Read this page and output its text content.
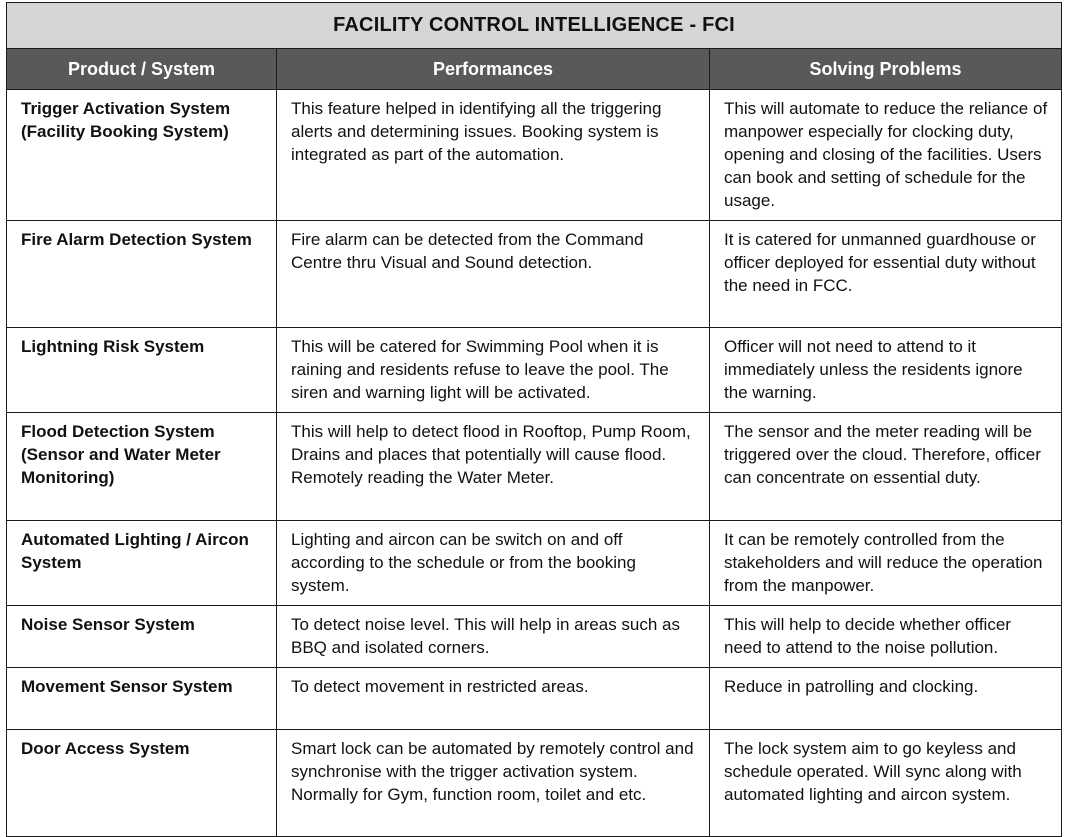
FACILITY CONTROL INTELLIGENCE - FCI		
Product / System	Performances	Solving Problems
Trigger Activation System (Facility Booking System)	This feature helped in identifying all the triggering alerts and determining issues. Booking system is integrated as part of the automation.	This will automate to reduce the reliance of manpower especially for clocking duty, opening and closing of the facilities. Users can book and setting of schedule for the usage.
Fire Alarm Detection System	Fire alarm can be detected from the Command Centre thru Visual and Sound detection.	It is catered for unmanned guardhouse or officer deployed for essential duty without the need in FCC.
Lightning Risk System	This will be catered for Swimming Pool when it is raining and residents refuse to leave the pool. The siren and warning light will be activated.	Officer will not need to attend to it immediately unless the residents ignore the warning.
Flood Detection System (Sensor and Water Meter Monitoring)	This will help to detect flood in Rooftop, Pump Room, Drains and places that potentially will cause flood. Remotely reading the Water Meter.	The sensor and the meter reading will be triggered over the cloud. Therefore, officer can concentrate on essential duty.
Automated Lighting / Aircon System	Lighting and aircon can be switch on and off according to the schedule or from the booking system.	It can be remotely controlled from the stakeholders and will reduce the operation from the manpower.
Noise Sensor System	To detect noise level. This will help in areas such as BBQ and isolated corners.	This will help to decide whether officer need to attend to the noise pollution.
Movement Sensor System	To detect movement in restricted areas.	Reduce in patrolling and clocking.
Door Access System	Smart lock can be automated by remotely control and synchronise with the trigger activation system. Normally for Gym, function room, toilet and etc.	The lock system aim to go keyless and schedule operated. Will sync along with automated lighting and aircon system.
